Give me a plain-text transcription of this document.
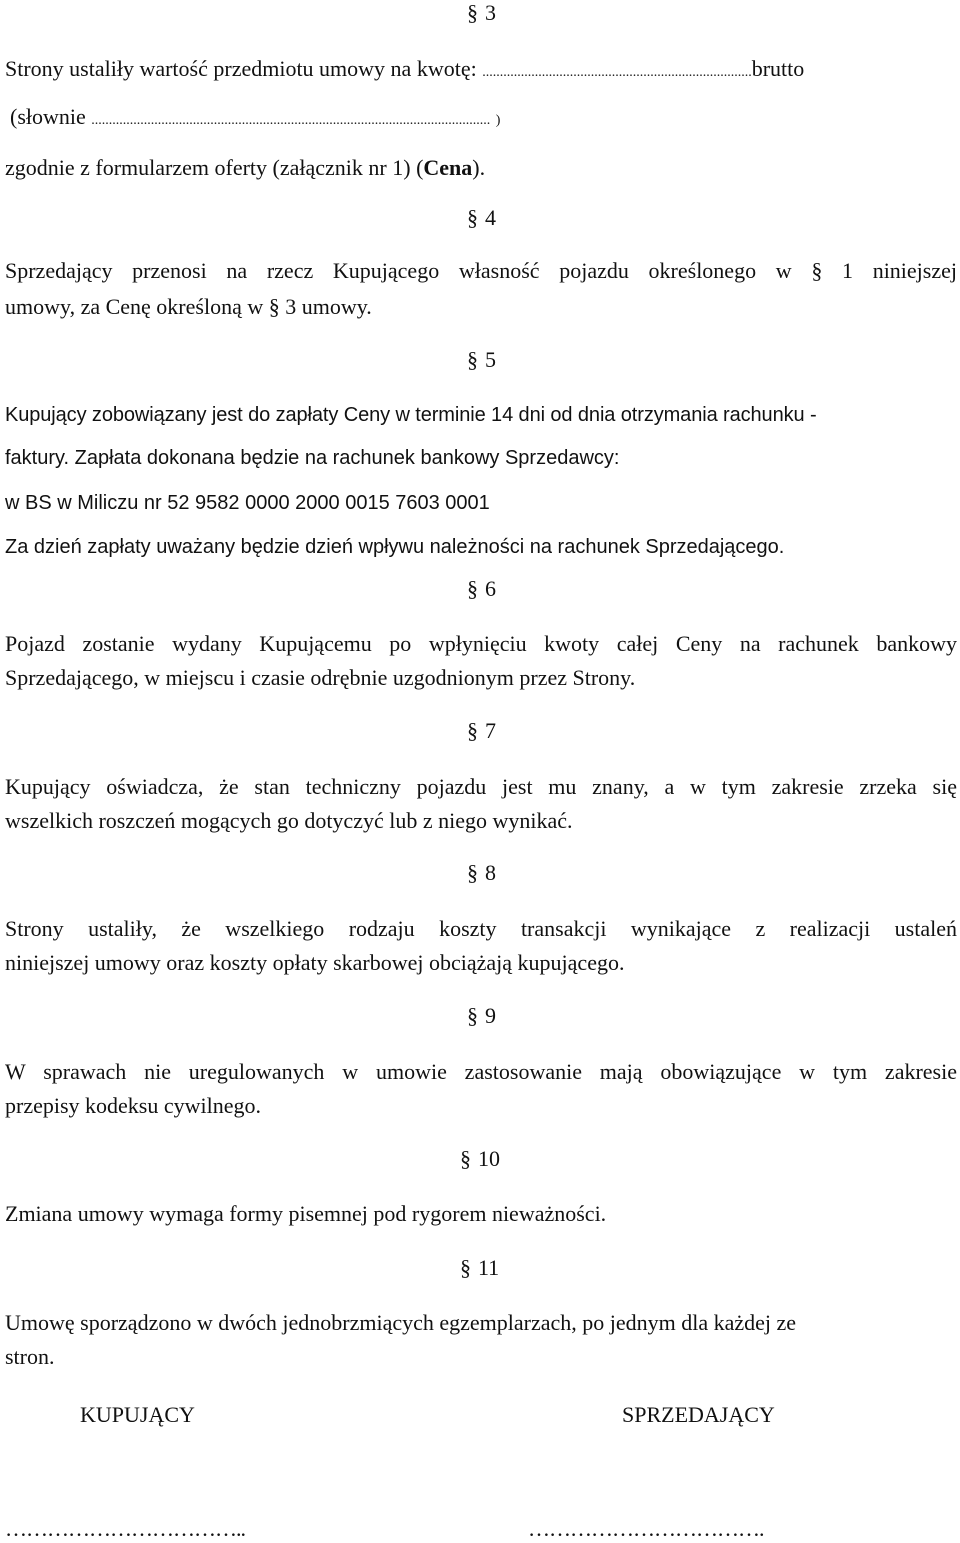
§ 3
Strony ustaliły wartość przedmiotu umowy na kwotę: .............................................................................brutto
(słownie .................................................................................................................. )
zgodnie z formularzem oferty (załącznik nr 1) (Cena).
§ 4
Sprzedający przenosi na rzecz Kupującego własność pojazdu określonego w § 1 niniejszej
umowy, za Cenę określoną w § 3 umowy.
§ 5
Kupujący zobowiązany jest do zapłaty Ceny w terminie 14 dni od dnia otrzymania rachunku -
faktury. Zapłata dokonana będzie na rachunek bankowy Sprzedawcy:
w BS w Miliczu nr 52 9582 0000 2000 0015 7603 0001
Za dzień zapłaty uważany będzie dzień wpływu należności na rachunek Sprzedającego.
§ 6
Pojazd zostanie wydany Kupującemu po wpłynięciu kwoty całej Ceny na rachunek bankowy
Sprzedającego, w miejscu i czasie odrębnie uzgodnionym przez Strony.
§ 7
Kupujący oświadcza, że stan techniczny pojazdu jest mu znany, a w tym zakresie zrzeka się
wszelkich roszczeń mogących go dotyczyć lub z niego wynikać.
§ 8
Strony ustaliły, że wszelkiego rodzaju koszty transakcji wynikające z realizacji ustaleń
niniejszej umowy oraz koszty opłaty skarbowej obciążają kupującego.
§ 9
W sprawach nie uregulowanych w umowie zastosowanie mają obowiązujące w tym zakresie
przepisy kodeksu cywilnego.
§ 10
Zmiana umowy wymaga formy pisemnej pod rygorem nieważności.
§ 11
Umowę sporządzono w dwóch jednobrzmiących egzemplarzach, po jednym dla każdej ze
stron.
KUPUJĄCY	SPRZEDAJĄCY
……………………………..	…………………………….
